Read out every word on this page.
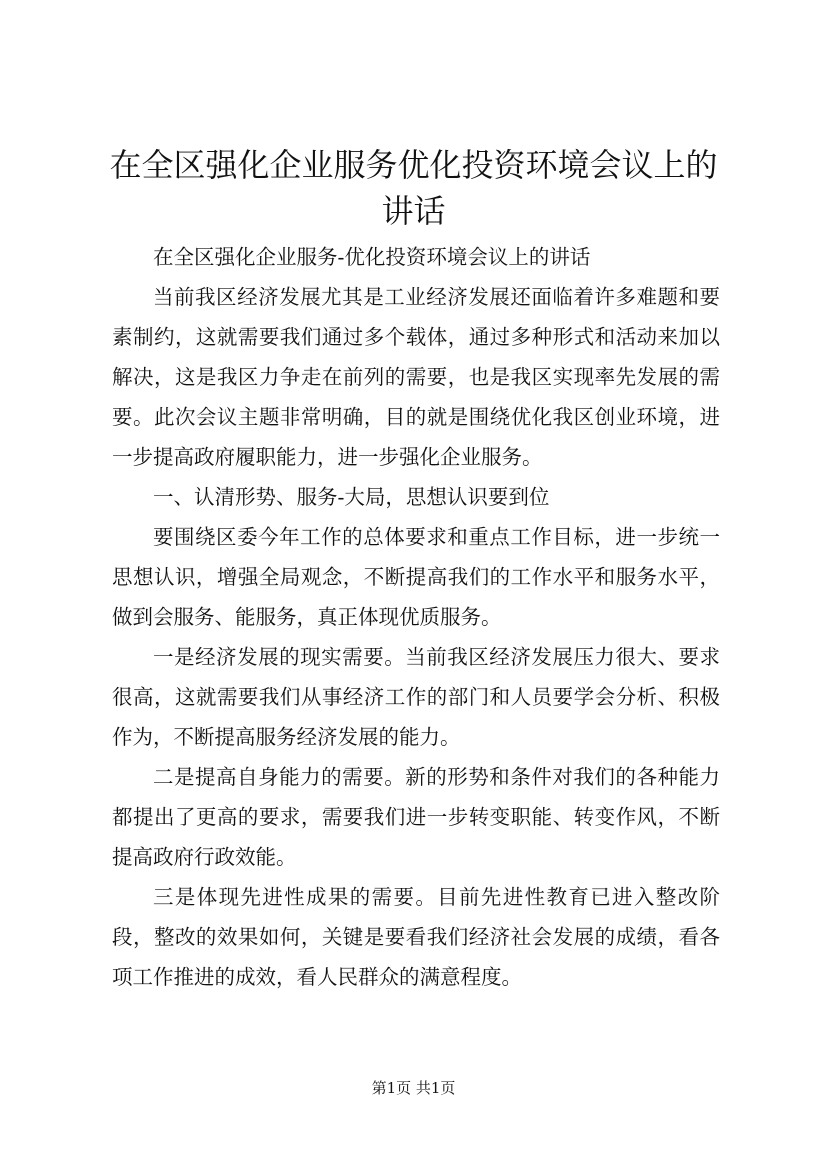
在全区强化企业服务优化投资环境会议上的讲话

在全区强化企业服务-优化投资环境会议上的讲话

当前我区经济发展尤其是工业经济发展还面临着许多难题和要素制约，这就需要我们通过多个载体，通过多种形式和活动来加以解决，这是我区力争走在前列的需要，也是我区实现率先发展的需要。此次会议主题非常明确，目的就是围绕优化我区创业环境，进一步提高政府履职能力，进一步强化企业服务。

一、认清形势、服务-大局，思想认识要到位

要围绕区委今年工作的总体要求和重点工作目标，进一步统一思想认识，增强全局观念，不断提高我们的工作水平和服务水平，做到会服务、能服务，真正体现优质服务。

一是经济发展的现实需要。当前我区经济发展压力很大、要求很高，这就需要我们从事经济工作的部门和人员要学会分析、积极作为，不断提高服务经济发展的能力。

二是提高自身能力的需要。新的形势和条件对我们的各种能力都提出了更高的要求，需要我们进一步转变职能、转变作风，不断提高政府行政效能。

三是体现先进性成果的需要。目前先进性教育已进入整改阶段，整改的效果如何，关键是要看我们经济社会发展的成绩，看各项工作推进的成效，看人民群众的满意程度。

第1页 共1页
